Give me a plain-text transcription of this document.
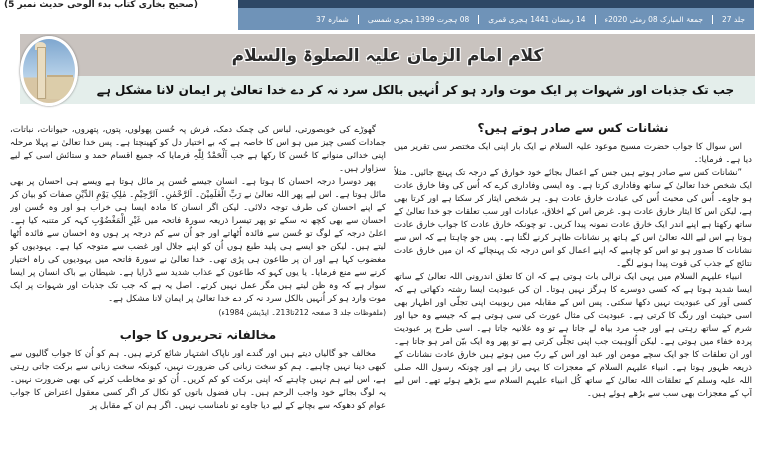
(صحیح بخاری کتاب بدء الوحی حدیث نمبر 5)
جلد 27
جمعۃ المبارک 08 رمئی 2020ء
14 رمضان 1441 ہجری قمری
08 ہجرت 1399 ہجری شمسی
شمارہ 37
کلام امام الزمان علیہ الصلوۃ والسلام
جب تک جذبات اور شہوات پر ایک موت وارد ہو کر اُنہیں بالکل سرد نہ کر دے خدا تعالیٰ پر ایمان لانا مشکل ہے
نشانات کس سے صادر ہوتے ہیں؟

اس سوال کا جواب حضرت مسیح موعود علیہ السلام نے ایک بار اپنی ایک مختصر سی تقریر میں دیا ہے۔ فرمایا:۔

”نشانات کس سے صادر ہوتے ہیں جس کے اعمال بجائے خود خوارق کے درجہ تک پہنچ جائیں۔ مثلاً ایک شخص خدا تعالیٰ کے ساتھ وفاداری کرتا ہے۔ وہ ایسی وفاداری کرے کہ اُس کی وفا خارق عادت ہو جاوے۔ اُس کی محبت اُس کی عبادت خارق عادت ہو۔ ہر شخص ایثار کر سکتا ہے اور کرتا بھی ہے، لیکن اس کا ایثار خارق عادت ہو۔ غرض اس کے اخلاق، عبادات اور سب تعلقات جو خدا تعالیٰ کے ساتھ رکھتا ہے اپنے اندر ایک خارق عادت نمونہ پیدا کریں۔ تو چونکہ خارق عادت کا جواب خارق عادت ہوتا ہے اس لیے اللہ تعالیٰ اس کے ہاتھ پر نشانات ظاہر کرنے لگتا ہے۔ پس جو چاہتا ہے کہ اس سے نشانات کا صدور ہو تو اس کو چاہیے کہ اپنے اعمال کو اس درجہ تک پہنچائے کہ ان میں خارق عادت نتائج کے جذب کی قوت پیدا ہونے لگے۔

انبیاء علیہم السلام میں یہی ایک نرالی بات ہوتی ہے کہ ان کا تعلق اندرونی اللہ تعالیٰ کے ساتھ ایسا شدید ہوتا ہے کہ کسی دوسرے کا ہرگز نہیں ہوتا۔ ان کی عبودیت ایسا رشتہ دکھاتی ہے کہ کسی اَور کی عبودیت نہیں دکھا سکتی۔ پس اس کے مقابلہ میں ربوبیت اپنی تجلّی اور اظہار بھی اسی حیثیت اور رنگ کا کرتی ہے۔ عبودیت کی مثال عورت کی سی ہوتی ہے کہ جیسے وہ حیا اور شرم کے ساتھ رہتی ہے اور جب مرد بیاہ لے جاتا ہے تو وہ علانیہ جاتا ہے۔ اسی طرح پر عبودیت پردہ خفاء میں ہوتی ہے۔ لیکن اُلوہیت جب اپنی تجلّی کرتی ہے تو پھر وہ ایک بیّن امر ہو جاتا ہے۔ اور ان تعلقات کا جو ایک سچے مومن اور عبد اور اس کے ربّ میں ہوتے ہیں خارق عادت نشانات کے ذریعہ ظہور ہوتا ہے۔ انبیاء علیہم السلام کے معجزات کا یہی راز ہے اور چونکہ رسول اللہ صلی اللہ علیہ وسلم کے تعلقات اللہ تعالیٰ کے ساتھ کُل انبیاء علیہم السلام سے بڑھے ہوئے تھے۔ اس لیے آپ کے معجزات بھی سب سے بڑھے ہوئے ہیں۔

گھوڑے کی خوبصورتی، لباس کی چمک دمک، فرش پہ حُسن پھولوں، پتوں، پتھروں، حیوانات، نباتات، جمادات کسی چیز میں ہو اس کا خاصہ ہے کہ بے اختیار دل کو کھینچتا ہے۔ پس خدا تعالیٰ نے پہلا مرحلہ اپنی خدائی منوانے کا حُسن کا رکھا ہے جب اَلْحَمْدُ لِلّٰہِ فرمایا کہ جمیع اقسام حمد و ستائش اسی کے لیے سزاوار ہیں۔

پھر دوسرا درجہ احسان کا ہوتا ہے۔ انسان جیسے حُسن پر مائل ہوتا ہے ویسے ہی احسان پر بھی مائل ہوتا ہے۔ اس لیے پھر اللہ تعالیٰ نے رَبِّ الْعٰلَمِیْنَ۔ اَلرَّحْمٰنِ۔ اَلرَّحِیْمِ۔ مٰلِکِ یَوْمِ الدِّیْنِ صفات کو بیان کر کے اپنے احسان کی طرف توجہ دلائی۔ لیکن اگر انسان کا مادہ ایسا ہی خراب ہو اور وہ حُسن اور احسان سے بھی کچھ نہ سکے تو پھر تیسرا ذریعہ سورۃ فاتحہ میں غَیْرِ الْمَغْضُوْبِ کہہ کر متنبہ کیا ہے۔ اعلیٰ درجہ کے لوگ تو حُسن سے فائدہ اُٹھاتے اور جو اُن سے کم درجہ پر ہوں وہ احسان سے فائدہ اُٹھا لیتے ہیں۔ لیکن جو ایسے ہی پلید طبع ہوں اُن کو اپنے جلال اور غضب سے متوجہ کیا ہے۔ یہودیوں کو مغضوب کہا ہے اور ان پر طاعون ہی پڑی تھی۔ خدا تعالیٰ نے سورۃ فاتحہ میں یہودیوں کی راہ اختیار کرنے سے منع فرمایا۔ یا یوں کہو کہ طاعون کے عذاب شدید سے ڈرایا ہے۔ شیطان بے باک انسان پر ایسا سوار ہے کہ وہ ظن لیتے ہیں مگر عمل نہیں کرتے۔ اصل یہ ہے کہ جب تک جذبات اور شہوات پر ایک موت وارد ہو کر اُنہیں بالکل سرد نہ کر دے خدا تعالیٰ پر ایمان لانا مشکل ہے۔

(ملفوظات جلد 3 صفحہ 212تا213۔ ایڈیشن 1984ء)

مخالفانہ تحریروں کا جواب

مخالف جو گالیاں دیتے ہیں اور گندے اور ناپاک اشتہار شائع کرتے ہیں۔ ہم کو اُن کا جواب گالیوں سے کبھی دینا نہیں چاہیے۔ ہم کو سخت زبانی کی ضرورت نہیں، کیونکہ سخت زبانی سے برکت جاتی رہتی ہے، اس لیے ہم نہیں چاہتے کہ اپنی برکت کو کم کریں۔ اُن کو تو مخاطب کرنے کی بھی ضرورت نہیں۔ یہ لوگ بجائے خود واجب الرحم ہیں۔ ہاں فضول باتوں کو نکال کر اگر کسی معقول اعتراض کا جواب عوام کو دھوکہ سے بچانے کے لیے دیا جاوے تو نامناسب نہیں۔ اگر ہم ان کے مقابل پر
